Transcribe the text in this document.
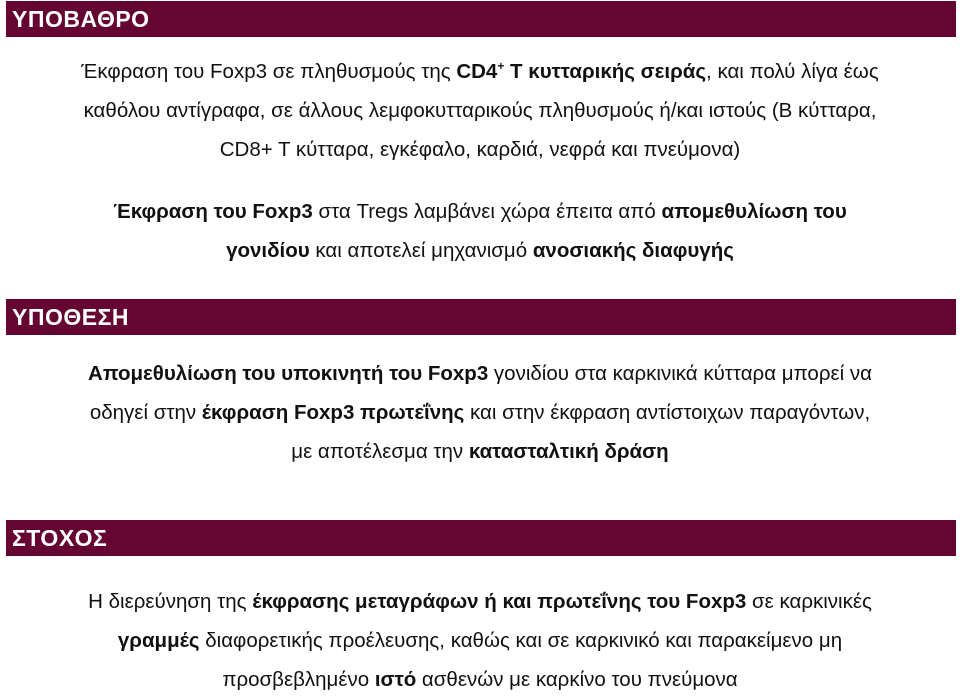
ΥΠΟΒΑΘΡΟ

Έκφραση του Foxp3 σε πληθυσμούς της CD4+ T κυτταρικής σειράς, και πολύ λίγα έως

καθόλου αντίγραφα, σε άλλους λεμφοκυτταρικούς πληθυσμούς ή/και ιστούς (B κύτταρα,

CD8+ T κύτταρα, εγκέφαλο, καρδιά, νεφρά και πνεύμονα)

Έκφραση του Foxp3 στα Tregs λαμβάνει χώρα έπειτα από απομεθυλίωση του

γονιδίου και αποτελεί μηχανισμό ανοσιακής διαφυγής

ΥΠΟΘΕΣΗ

Απομεθυλίωση του υποκινητή του Foxp3 γονιδίου στα καρκινικά κύτταρα μπορεί να

οδηγεί στην έκφραση Foxp3 πρωτεΐνης και στην έκφραση αντίστοιχων παραγόντων,

με αποτέλεσμα την κατασταλτική δράση

ΣΤΟΧΟΣ

Η διερεύνηση της έκφρασης μεταγράφων ή και πρωτεΐνης του Foxp3 σε καρκινικές

γραμμές διαφορετικής προέλευσης, καθώς και σε καρκινικό και παρακείμενο μη

προσβεβλημένο ιστό ασθενών με καρκίνο του πνεύμονα
